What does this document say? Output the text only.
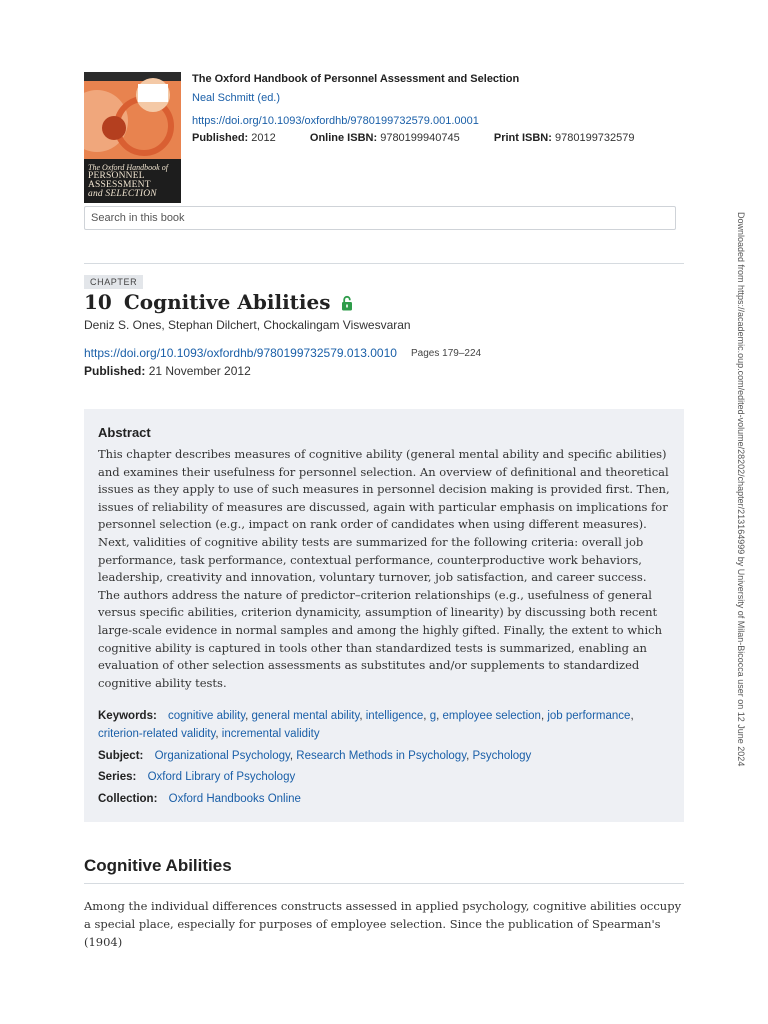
The Oxford Handbook of
PERSONNEL
ASSESSMENT
and SELECTION
The Oxford Handbook of Personnel Assessment and Selection
Neal Schmitt (ed.)
https://doi.org/10.1093/oxfordhb/9780199732579.001.0001
Published: 2012	Online ISBN: 9780199940745	Print ISBN: 9780199732579
Search in this book
CHAPTER
10 Cognitive Abilities
Deniz S. Ones, Stephan Dilchert, Chockalingam Viswesvaran
https://doi.org/10.1093/oxfordhb/9780199732579.013.0010 Pages 179–224
Published: 21 November 2012
Abstract

This chapter describes measures of cognitive ability (general mental ability and specific abilities) and examines their usefulness for personnel selection. An overview of definitional and theoretical issues as they apply to use of such measures in personnel decision making is provided first. Then, issues of reliability of measures are discussed, again with particular emphasis on implications for personnel selection (e.g., impact on rank order of candidates when using different measures). Next, validities of cognitive ability tests are summarized for the following criteria: overall job performance, task performance, contextual performance, counterproductive work behaviors, leadership, creativity and innovation, voluntary turnover, job satisfaction, and career success. The authors address the nature of predictor–criterion relationships (e.g., usefulness of general versus specific abilities, criterion dynamicity, assumption of linearity) by discussing both recent large-scale evidence in normal samples and among the highly gifted. Finally, the extent to which cognitive ability is captured in tools other than standardized tests is summarized, enabling an evaluation of other selection assessments as substitutes and/or supplements to standardized cognitive ability tests.

Keywords: cognitive ability, general mental ability, intelligence, g, employee selection, job performance, criterion-related validity, incremental validity
Subject: Organizational Psychology, Research Methods in Psychology, Psychology
Series: Oxford Library of Psychology
Collection: Oxford Handbooks Online
Cognitive Abilities

Among the individual differences constructs assessed in applied psychology, cognitive abilities occupy a special place, especially for purposes of employee selection. Since the publication of Spearman's (1904)

Downloaded from https://academic.oup.com/edited-volume/28202/chapter/213164999 by University of Milan-Bicocca user on 12 June 2024
